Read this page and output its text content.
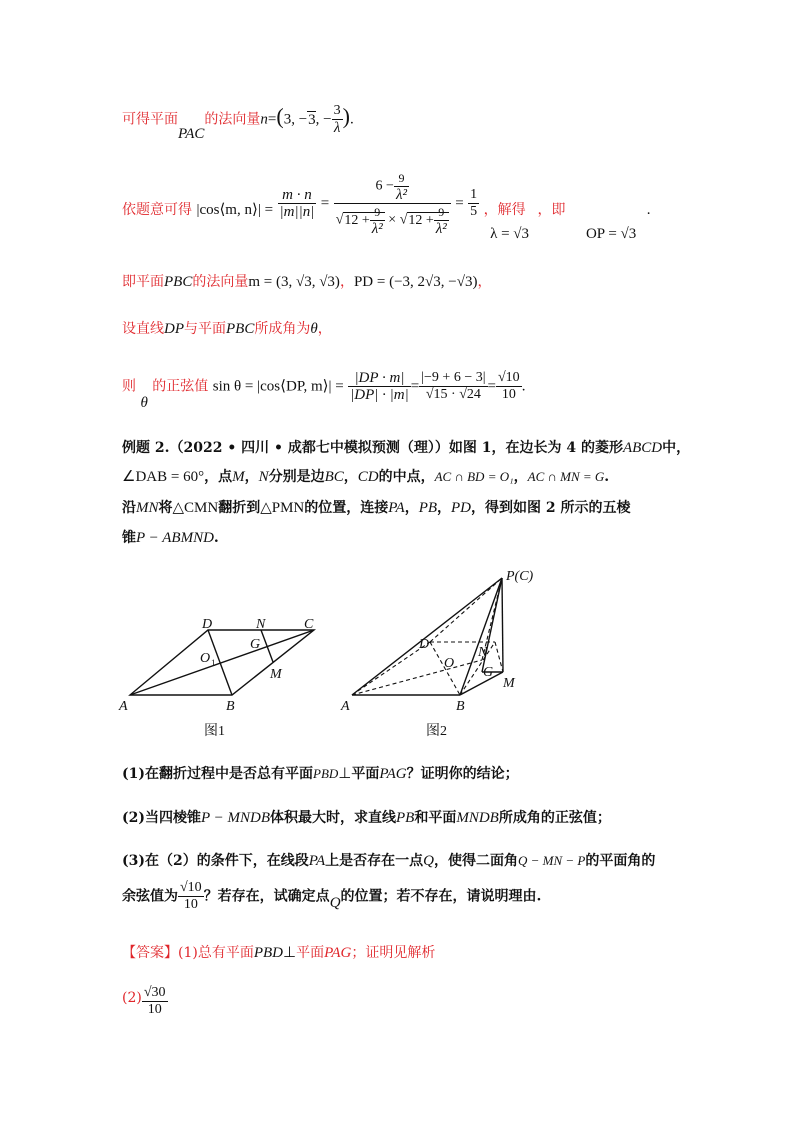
可得平面PAC的法向量n=(3, −3, − $\frac{3}{\lambda}$ ).
依题意可得 |cos⟨m, n⟩| = $\frac{m \cdot n}{|m||n|} = \frac{6 - \frac{9}{\text{λ²}}}{√12 + \frac{9}{\text{λ²}} \times √12 + \frac{9}{\text{λ²}}} = \frac{1}{5}$ ，解得 λ = √3 ，即 OP = √3 .
即平面PBC的法向量m = (3, √3, √3)，PD = (−3, 2√3, −√3)，
设直线DP与平面PBC所成角为θ，
则 θ 的正弦值 sin θ = |cos⟨DP, m⟩| = $\frac{|DP \cdot m|}{|DP| \cdot |m|} = \frac{|-9 + 6 - 3|}{√15 \cdot √24} = \frac{√10}{10}$ .
例题 2.（2022 • 四川 • 成都七中模拟预测（理））如图 1，在边长为 4 的菱形ABCD中，
∠DAB = 60°，点M，N分别是边BC，CD的中点，AC ∩ BD = O₁，AC ∩ MN = G.
沿MN将△CMN翻折到△PMN的位置，连接PA，PB，PD，得到如图 2 所示的五棱
锥P − ABMND.
A	B
C
D	N
G
O 1
M
图1
P(C)
A	B
D
N
G
O
M
图2
(1)在翻折过程中是否总有平面PBD⊥平面PAG？证明你的结论；
(2)当四棱锥P − MNDB体积最大时，求直线PB和平面MNDB所成角的正弦值；
(3)在（2）的条件下，在线段PA上是否存在一点Q，使得二面角Q − MN − P的平面角的
余弦值为 $\frac{√10}{10}$ ？若存在，试确定点Q的位置；若不存在，请说明理由.
【答案】(1)总有平面PBD⊥平面PAG；证明见解析
$(2) \frac{√30}{10}$
